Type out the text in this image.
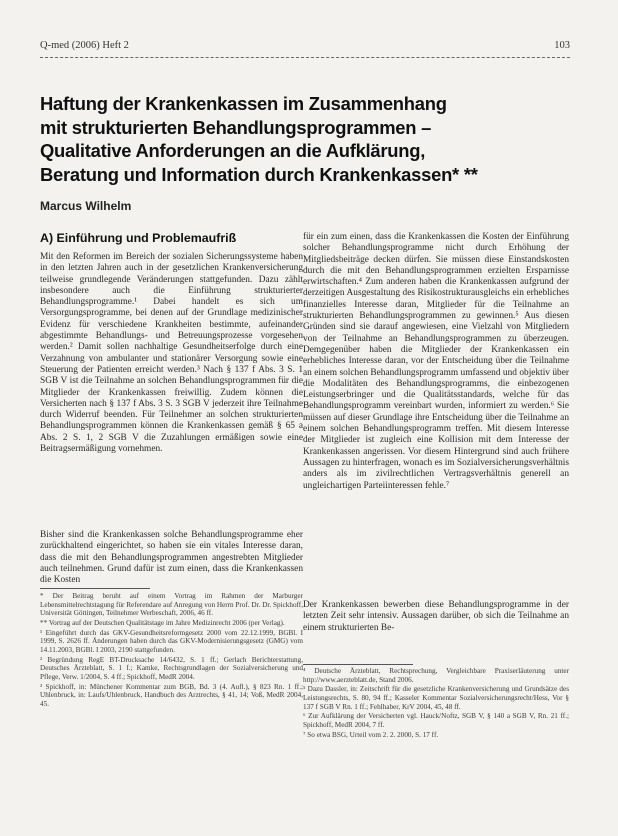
Q-med (2006) Heft 2	103
Haftung der Krankenkassen im Zusammenhang
mit strukturierten Behandlungsprogrammen –
Qualitative Anforderungen an die Aufklärung,
Beratung und Information durch Krankenkassen* **
Marcus Wilhelm
A) Einführung und Problemaufriß

Mit den Reformen im Bereich der sozialen Sicherungssysteme haben in den letzten Jahren auch in der gesetzlichen Krankenversicherung teilweise grundlegende Veränderungen stattgefunden. Dazu zählt insbesondere auch die Einführung strukturierter Behandlungsprogramme.¹ Dabei handelt es sich um Versorgungsprogramme, bei denen auf der Grundlage medizinischer Evidenz für verschiedene Krankheiten bestimmte, aufeinander abgestimmte Behandlungs- und Betreuungsprozesse vorgesehen werden.² Damit sollen nachhaltige Gesundheitserfolge durch eine Verzahnung von ambulanter und stationärer Versorgung sowie eine Steuerung der Patienten erreicht werden.³ Nach § 137 f Abs. 3 S. 1 SGB V ist die Teilnahme an solchen Behandlungsprogrammen für die Mitglieder der Krankenkassen freiwillig. Zudem können die Versicherten nach § 137 f Abs. 3 S. 3 SGB V jederzeit ihre Teilnahme durch Widerruf beenden. Für Teilnehmer an solchen strukturierten Behandlungsprogrammen können die Krankenkassen gemäß § 65 a Abs. 2 S. 1, 2 SGB V die Zuzahlungen ermäßigen sowie eine Beitragsermäßigung vornehmen.

Bisher sind die Krankenkassen solche Behandlungsprogramme eher zurückhaltend eingerichtet, so haben sie ein vitales Interesse daran, dass die mit den Behandlungsprogrammen angestrebten Mitglieder auch teilnehmen. Grund dafür ist zum einen, dass die Krankenkassen die Kosten

für ein zum einen, dass die Krankenkassen die Kosten der Einführung solcher Behandlungsprogramme nicht durch Erhöhung der Mitgliedsbeiträge decken dürfen. Sie müssen diese Einstandskosten durch die mit den Behandlungsprogrammen erzielten Ersparnisse erwirtschaften.⁴ Zum anderen haben die Krankenkassen aufgrund der derzeitigen Ausgestaltung des Risikostrukturausgleichs ein erhebliches finanzielles Interesse daran, Mitglieder für die Teilnahme an strukturierten Behandlungsprogrammen zu gewinnen.⁵ Aus diesen Gründen sind sie darauf angewiesen, eine Vielzahl von Mitgliedern von der Teilnahme an Behandlungsprogrammen zu überzeugen. Demgegenüber haben die Mitglieder der Krankenkassen ein erhebliches Interesse daran, vor der Entscheidung über die Teilnahme an einem solchen Behandlungsprogramm umfassend und objektiv über die Modalitäten des Behandlungsprogramms, die einbezogenen Leistungserbringer und die Qualitätsstandards, welche für das Behandlungsprogramm vereinbart wurden, informiert zu werden.⁶ Sie müssen auf dieser Grundlage ihre Entscheidung über die Teilnahme an einem solchen Behandlungsprogramm treffen. Mit diesem Interesse der Mitglieder ist zugleich eine Kollision mit dem Interesse der Krankenkassen angerissen. Vor diesem Hintergrund sind auch frühere Aussagen zu hinterfragen, wonach es im Sozialversicherungsverhältnis anders als im zivilrechtlichen Vertragsverhältnis generell an ungleichartigen Parteiinteressen fehle.⁷

Der Krankenkassen bewerben diese Behandlungsprogramme in der letzten Zeit sehr intensiv. Aussagen darüber, ob sich die Teilnahme an einem strukturierten Be-

* Der Beitrag beruht auf einem Vortrag im Rahmen der Marburger Lebensmittelrechtstagung für Referendare auf Anregung von Herrn Prof. Dr. Dr. Spickhoff, Universität Göttingen, Teilnehmer Werbeschaft, 2006, 46 ff.

** Vortrag auf der Deutschen Qualitätstage im Jahre Medizinrecht 2006 (per Verlag).

¹ Eingeführt durch das GKV-Gesundheitsreformgesetz 2000 vom 22.12.1999, BGBl. I 1999, S. 2626 ff. Änderungen haben durch das GKV-Modernisierungsgesetz (GMG) vom 14.11.2003, BGBl. I 2003, 2190 stattgefunden.

² Begründung RegE BT-Drucksache 14/6432, S. 1 ff.; Gerlach Berichterstattung, Deutsches Ärzteblatt, S. 1 f.; Kamke, Rechtsgrundlagen der Sozialversicherung und Pflege, Verw. 1/2004, S. 4 ff.; Spickhoff, MedR 2004.

³ Spickhoff, in: Münchener Kommentar zum BGB, Bd. 3 (4. Aufl.), § 823 Rn. 1 ff.; Uhlenbruck, in: Laufs/Uhlenbruck, Handbuch des Arztrechts, § 41, 14; Voß, MedR 2004, 45.

⁴ Deutsche Ärzteblatt, Rechtsprechung, Vergleichbare Praxiserläuterung unter http://www.aerzteblatt.de, Stand 2006.

⁵ Dazu Dassler, in: Zeitschrift für die gesetzliche Krankenversicherung und Grundsätze des Leistungsrechts, S. 80, 94 ff.; Kasseler Kommentar Sozialversicherungsrecht/Hess, Vor § 137 f SGB V Rn. 1 ff.; Fehlhaber, KrV 2004, 45, 48 ff.

⁶ Zur Aufklärung der Versicherten vgl. Hauck/Noftz, SGB V, § 140 a SGB V, Rn. 21 ff.; Spickhoff, MedR 2004, 7 ff.

⁷ So etwa BSG, Urteil vom 2. 2. 2000, S. 17 ff.
